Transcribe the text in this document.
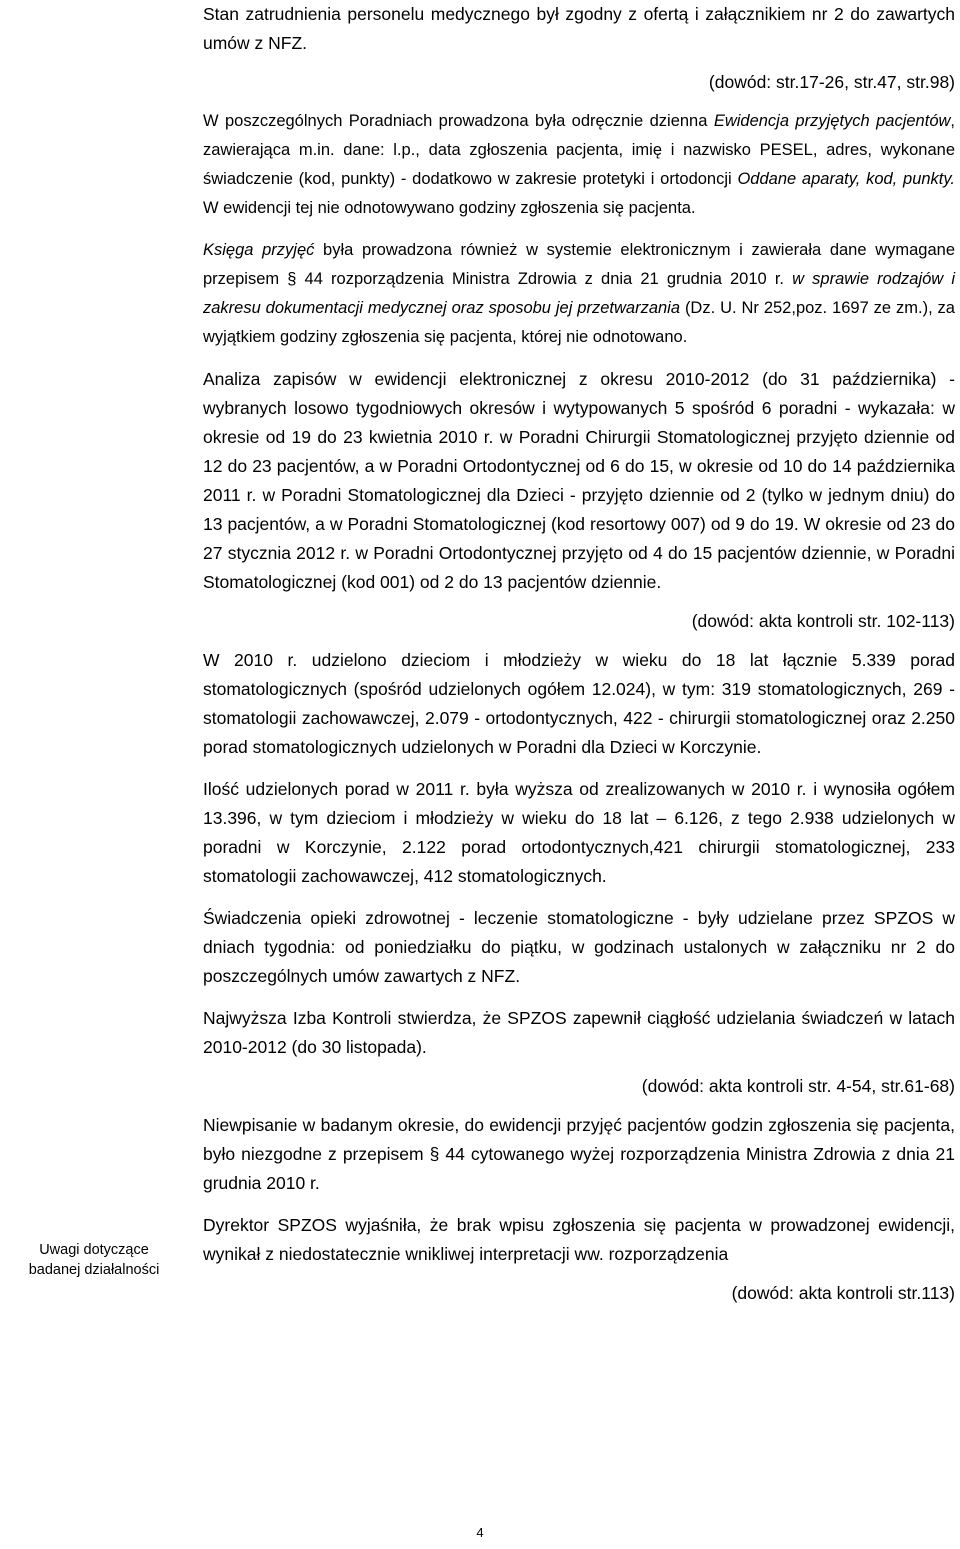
Uwagi dotyczące
badanej działalności

Stan zatrudnienia personelu medycznego był zgodny z ofertą i załącznikiem nr 2 do zawartych umów z NFZ.

(dowód: str.17-26, str.47, str.98)

W poszczególnych Poradniach prowadzona była odręcznie dzienna Ewidencja przyjętych pacjentów, zawierająca m.in. dane: l.p., data zgłoszenia pacjenta, imię i nazwisko PESEL, adres, wykonane świadczenie (kod, punkty) - dodatkowo w zakresie protetyki i ortodoncji Oddane aparaty, kod, punkty. W ewidencji tej nie odnotowywano godziny zgłoszenia się pacjenta.

Księga przyjęć była prowadzona również w systemie elektronicznym i zawierała dane wymagane przepisem § 44 rozporządzenia Ministra Zdrowia z dnia 21 grudnia 2010 r. w sprawie rodzajów i zakresu dokumentacji medycznej oraz sposobu jej przetwarzania (Dz. U. Nr 252,poz. 1697 ze zm.), za wyjątkiem godziny zgłoszenia się pacjenta, której nie odnotowano.

Analiza zapisów w ewidencji elektronicznej z okresu 2010-2012 (do 31 października) - wybranych losowo tygodniowych okresów i wytypowanych 5 spośród 6 poradni - wykazała: w okresie od 19 do 23 kwietnia 2010 r. w Poradni Chirurgii Stomatologicznej przyjęto dziennie od 12 do 23 pacjentów, a w Poradni Ortodontycznej od 6 do 15, w okresie od 10 do 14 października 2011 r. w Poradni Stomatologicznej dla Dzieci - przyjęto dziennie od 2 (tylko w jednym dniu) do 13 pacjentów, a w Poradni Stomatologicznej (kod resortowy 007) od 9 do 19. W okresie od 23 do 27 stycznia 2012 r. w Poradni Ortodontycznej przyjęto od 4 do 15 pacjentów dziennie, w Poradni Stomatologicznej (kod 001) od 2 do 13 pacjentów dziennie.

(dowód: akta kontroli str. 102-113)

W 2010 r. udzielono dzieciom i młodzieży w wieku do 18 lat łącznie 5.339 porad stomatologicznych (spośród udzielonych ogółem 12.024), w tym: 319 stomatologicznych, 269 - stomatologii zachowawczej, 2.079 - ortodontycznych, 422 - chirurgii stomatologicznej oraz 2.250 porad stomatologicznych udzielonych w Poradni dla Dzieci w Korczynie.

Ilość udzielonych porad w 2011 r. była wyższa od zrealizowanych w 2010 r. i wynosiła ogółem 13.396, w tym dzieciom i młodzieży w wieku do 18 lat – 6.126, z tego 2.938 udzielonych w poradni w Korczynie, 2.122 porad ortodontycznych,421 chirurgii stomatologicznej, 233 stomatologii zachowawczej, 412 stomatologicznych.

Świadczenia opieki zdrowotnej - leczenie stomatologiczne - były udzielane przez SPZOS w dniach tygodnia: od poniedziałku do piątku, w godzinach ustalonych w załączniku nr 2 do poszczególnych umów zawartych z NFZ.

Najwyższa Izba Kontroli stwierdza, że SPZOS zapewnił ciągłość udzielania świadczeń w latach 2010-2012 (do 30 listopada).

(dowód: akta kontroli str. 4-54, str.61-68)

Niewpisanie w badanym okresie, do ewidencji przyjęć pacjentów godzin zgłoszenia się pacjenta, było niezgodne z przepisem § 44 cytowanego wyżej rozporządzenia Ministra Zdrowia z dnia 21 grudnia 2010 r.

Dyrektor SPZOS wyjaśniła, że brak wpisu zgłoszenia się pacjenta w prowadzonej ewidencji, wynikał z niedostatecznie wnikliwej interpretacji ww. rozporządzenia

(dowód: akta kontroli str.113)
4
